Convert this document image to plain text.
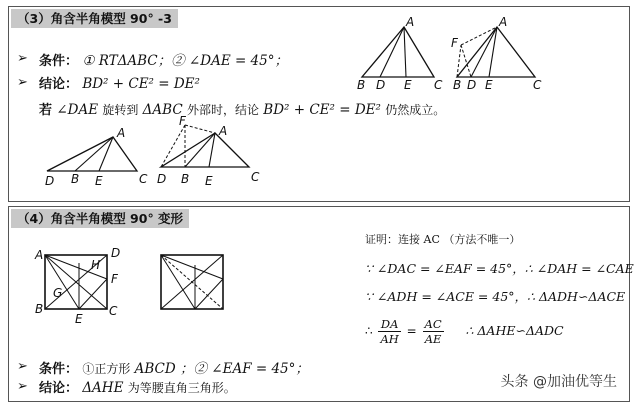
（3）角含半角模型 90° -3
➢ 条件： ① RTΔABC；② ∠DAE = 45°；
➢ 结论： BD² + CE² = DE²
若 ∠DAE 旋转到 ΔABC 外部时，结论 BD² + CE² = DE² 仍然成立。
A
B D E C
A
F
B D E	C
A
D B E	C
F
A
D B E	C
（4）角含半角模型 90° 变形
A	D
H
F
G
B	C
E
➢ 条件： ①正方形 ABCD ；② ∠EAF = 45°；
➢ 结论： ΔAHE 为等腰直角三角形。
证明：连接 AC （方法不唯一）
∵ ∠DAC = ∠EAF = 45°，∴ ∠DAH = ∠CAE
∵ ∠ADH = ∠ACE = 45°，∴ ΔADH∽ΔACE
∴ $\frac{DA}{AH} = \frac{AC}{AE}$ ∴ ΔAHE∽ΔADC
头条 @加油优等生
